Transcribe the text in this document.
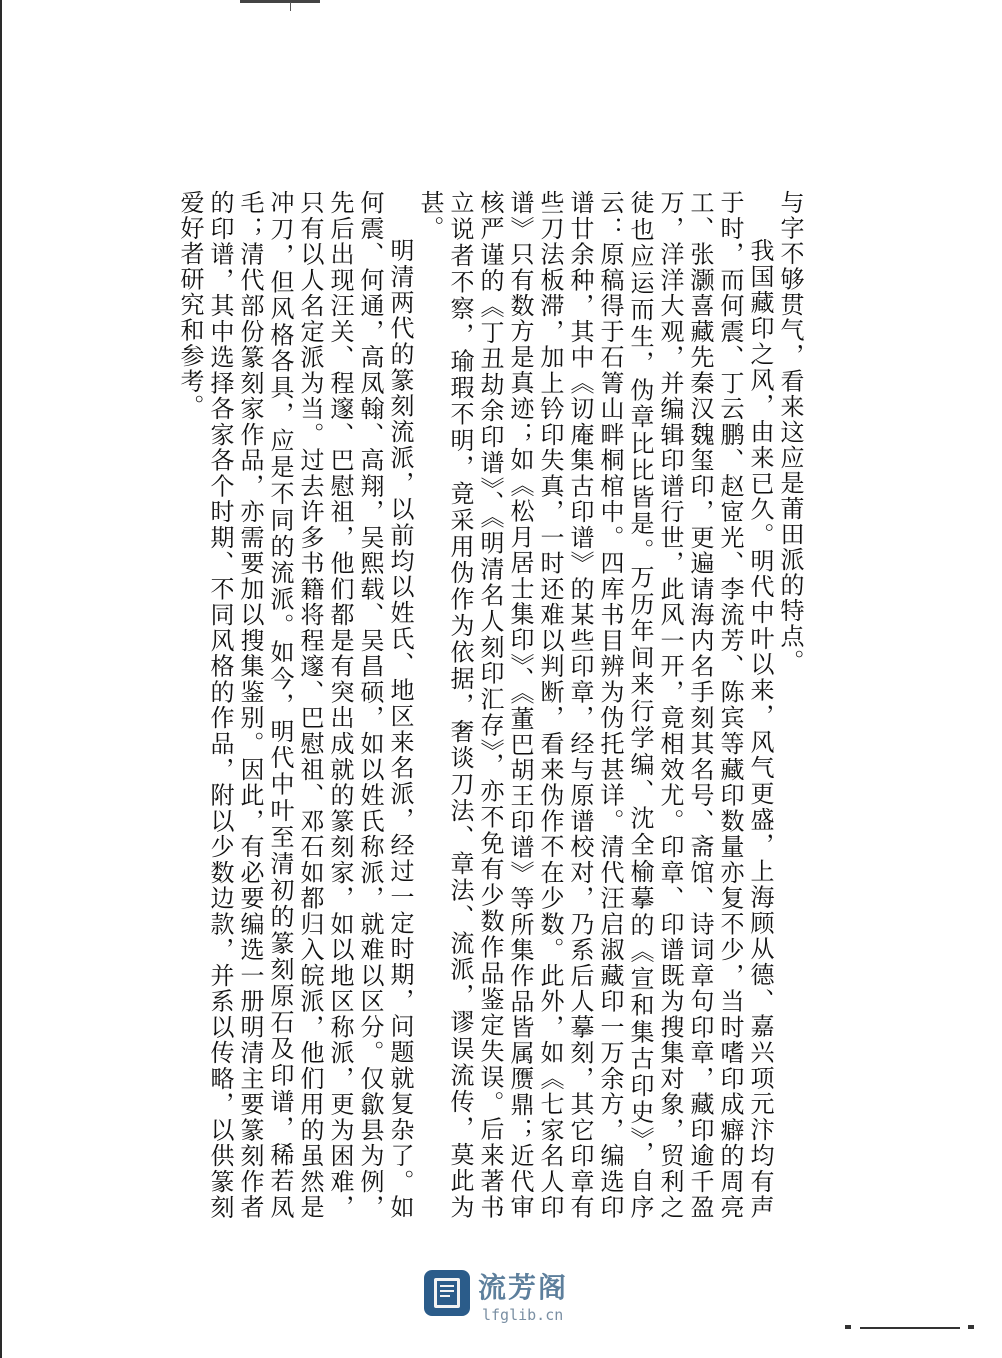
与字不够贯气，看来这应是莆田派的特点。

我国藏印之风，由来已久。明代中叶以来，风气更盛，上海顾从德、嘉兴项元汴均有声于时，而何震、丁云鹏、赵宧光、李流芳、陈宾等藏印数量亦复不少，当时嗜印成癖的周亮工、张灏喜藏先秦汉魏玺印，更遍请海内名手刻其名号、斋馆、诗词章句印章，藏印逾千盈万，洋洋大观，并编辑印谱行世，此风一开，竟相效尤。印章、印谱既为搜集对象，贸利之徒也应运而生，伪章比比皆是。万历年间来行学编、沈全榆摹的《宣和集古印史》，自序云：原稿得于石箐山畔桐棺中。四库书目辨为伪托甚详。清代汪启淑藏印一万余方，编选印谱廿余种，其中《讱庵集古印谱》的某些印章，经与原谱校对，乃系后人摹刻，其它印章有些刀法板滞，加上钤印失真，一时还难以判断，看来伪作不在少数。此外，如《七家名人印谱》只有数方是真迹；如《松月居士集印》、《董巴胡王印谱》等所集作品皆属赝鼎；近代审核严谨的《丁丑劫余印谱》、《明清名人刻印汇存》，亦不免有少数作品鉴定失误。后来著书立说者不察，瑜瑕不明，竟采用伪作为依据，奢谈刀法、章法、流派，谬误流传，莫此为甚。

明清两代的篆刻流派，以前均以姓氏、地区来名派，经过一定时期，问题就复杂了。如何震、何通，高凤翰、高翔，吴熙载、吴昌硕，如以姓氏称派，就难以区分。仅歙县为例，先后出现汪关、程邃、巴慰祖，他们都是有突出成就的篆刻家，如以地区称派，更为困难，只有以人名定派为当。过去许多书籍将程邃、巴慰祖、邓石如都归入皖派，他们用的虽然是冲刀，但风格各具，应是不同的流派。如今，明代中叶至清初的篆刻原石及印谱，稀若凤毛；清代部份篆刻家作品，亦需要加以搜集鉴别。因此，有必要编选一册明清主要篆刻作者的印谱，其中选择各家各个时期、不同风格的作品，附以少数边款，并系以传略，以供篆刻爱好者研究和参考。

流芳阁
lfglib.cn
